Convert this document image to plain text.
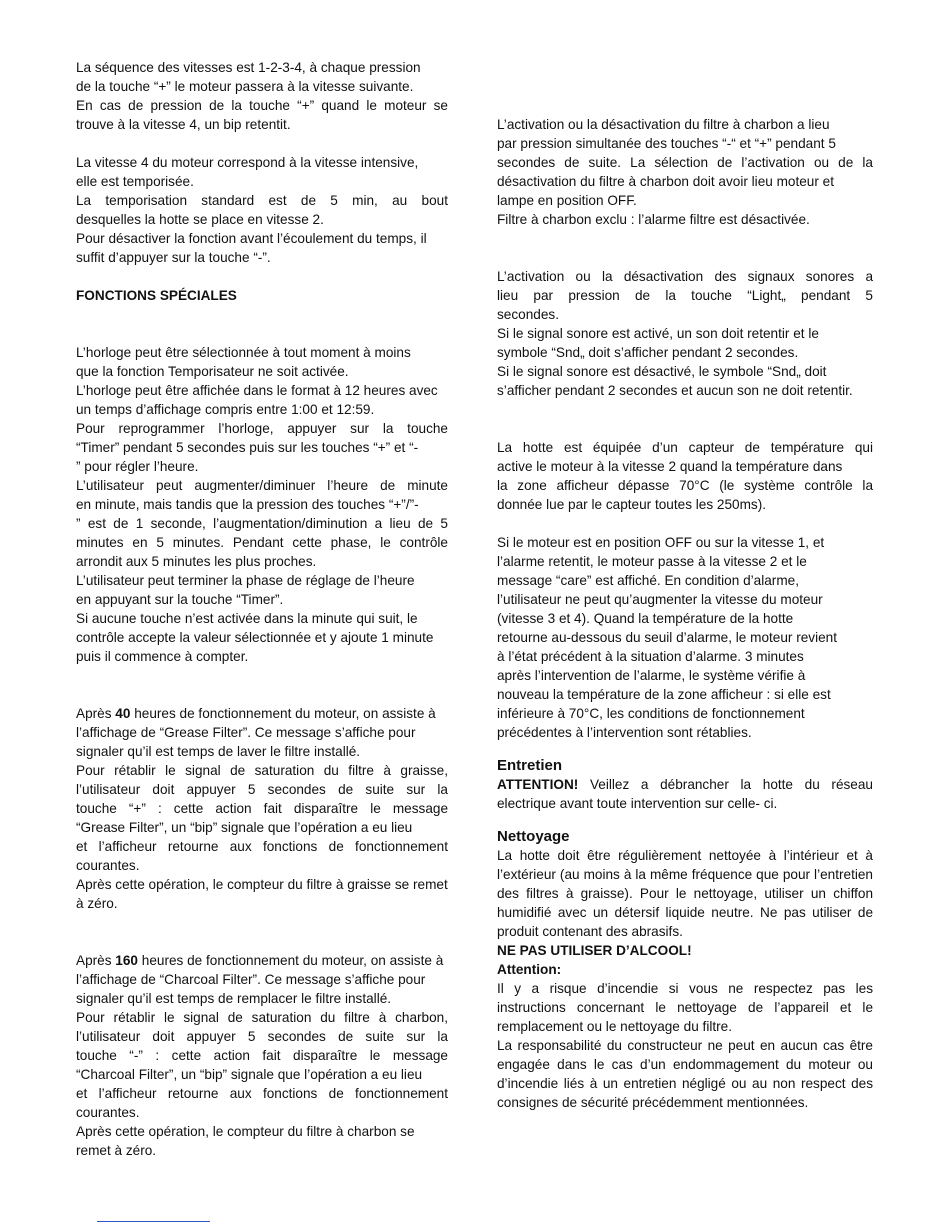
La séquence des vitesses est 1-2-3-4, à chaque pression
de la touche “+” le moteur passera à la vitesse suivante.
En cas de pression de la touche “+” quand le moteur se
trouve à la vitesse 4, un bip retentit.
La vitesse 4 du moteur correspond à la vitesse intensive,
elle est temporisée.
La temporisation standard est de 5 min, au bout
desquelles la hotte se place en vitesse 2.
Pour désactiver la fonction avant l’écoulement du temps, il
suffit d’appuyer sur la touche “-”.
FONCTIONS SPÉCIALES
L’horloge peut être sélectionnée à tout moment à moins
que la fonction Temporisateur ne soit activée.
L’horloge peut être affichée dans le format à 12 heures avec
un temps d’affichage compris entre 1:00 et 12:59.
Pour reprogrammer l’horloge, appuyer sur la touche
“Timer” pendant 5 secondes puis sur les touches “+” et “-
” pour régler l’heure.
L’utilisateur peut augmenter/diminuer l’heure de minute
en minute, mais tandis que la pression des touches “+”/”-
” est de 1 seconde, l’augmentation/diminution a lieu de 5
minutes en 5 minutes. Pendant cette phase, le contrôle
arrondit aux 5 minutes les plus proches.
L’utilisateur peut terminer la phase de réglage de l’heure
en appuyant sur la touche “Timer”.
Si aucune touche n’est activée dans la minute qui suit, le
contrôle accepte la valeur sélectionnée et y ajoute 1 minute
puis il commence à compter.
Après 40 heures de fonctionnement du moteur, on assiste à
l’affichage de “Grease Filter”. Ce message s’affiche pour
signaler qu’il est temps de laver le filtre installé.
Pour rétablir le signal de saturation du filtre à graisse,
l’utilisateur doit appuyer 5 secondes de suite sur la
touche “+” : cette action fait disparaître le message
“Grease Filter”, un “bip” signale que l’opération a eu lieu
et l’afficheur retourne aux fonctions de fonctionnement
courantes.
Après cette opération, le compteur du filtre à graisse se remet
à zéro.
Après 160 heures de fonctionnement du moteur, on assiste à
l’affichage de “Charcoal Filter”. Ce message s’affiche pour
signaler qu’il est temps de remplacer le filtre installé.
Pour rétablir le signal de saturation du filtre à charbon,
l’utilisateur doit appuyer 5 secondes de suite sur la
touche “-” : cette action fait disparaître le message
“Charcoal Filter”, un “bip” signale que l’opération a eu lieu
et l’afficheur retourne aux fonctions de fonctionnement
courantes.
Après cette opération, le compteur du filtre à charbon se
remet à zéro.
L’activation ou la désactivation du filtre à charbon a lieu
par pression simultanée des touches “-“ et “+” pendant 5
secondes de suite. La sélection de l’activation ou de la
désactivation du filtre à charbon doit avoir lieu moteur et
lampe en position OFF.
Filtre à charbon exclu : l’alarme filtre est désactivée.
L’activation ou la désactivation des signaux sonores a
lieu par pression de la touche “Light„ pendant 5
secondes.
Si le signal sonore est activé, un son doit retentir et le
symbole “Snd„ doit s’afficher pendant 2 secondes.
Si le signal sonore est désactivé, le symbole “Snd„ doit
s’afficher pendant 2 secondes et aucun son ne doit retentir.
La hotte est équipée d’un capteur de température qui
active le moteur à la vitesse 2 quand la température dans
la zone afficheur dépasse 70°C (le système contrôle la
donnée lue par le capteur toutes les 250ms).
Si le moteur est en position OFF ou sur la vitesse 1, et
l’alarme retentit, le moteur passe à la vitesse 2 et le
message “care” est affiché. En condition d’alarme,
l’utilisateur ne peut qu’augmenter la vitesse du moteur
(vitesse 3 et 4). Quand la température de la hotte
retourne au-dessous du seuil d’alarme, le moteur revient
à l’état précédent à la situation d’alarme. 3 minutes
après l’intervention de l’alarme, le système vérifie à
nouveau la température de la zone afficheur : si elle est
inférieure à 70°C, les conditions de fonctionnement
précédentes à l’intervention sont rétablies.
Entretien
ATTENTION! Veillez a débrancher la hotte du réseau
electrique avant toute intervention sur celle- ci.
Nettoyage
La hotte doit être régulièrement nettoyée à l’intérieur et à
l’extérieur (au moins à la même fréquence que pour l’entretien
des filtres à graisse). Pour le nettoyage, utiliser un chiffon
humidifié avec un détersif liquide neutre. Ne pas utiliser de
produit contenant des abrasifs.
NE PAS UTILISER D’ALCOOL!
Attention:
Il y a risque d’incendie si vous ne respectez pas les
instructions concernant le nettoyage de l’appareil et le
remplacement ou le nettoyage du filtre.
La responsabilité du constructeur ne peut en aucun cas être
engagée dans le cas d’un endommagement du moteur ou
d’incendie liés à un entretien négligé ou au non respect des
consignes de sécurité précédemment mentionnées.
